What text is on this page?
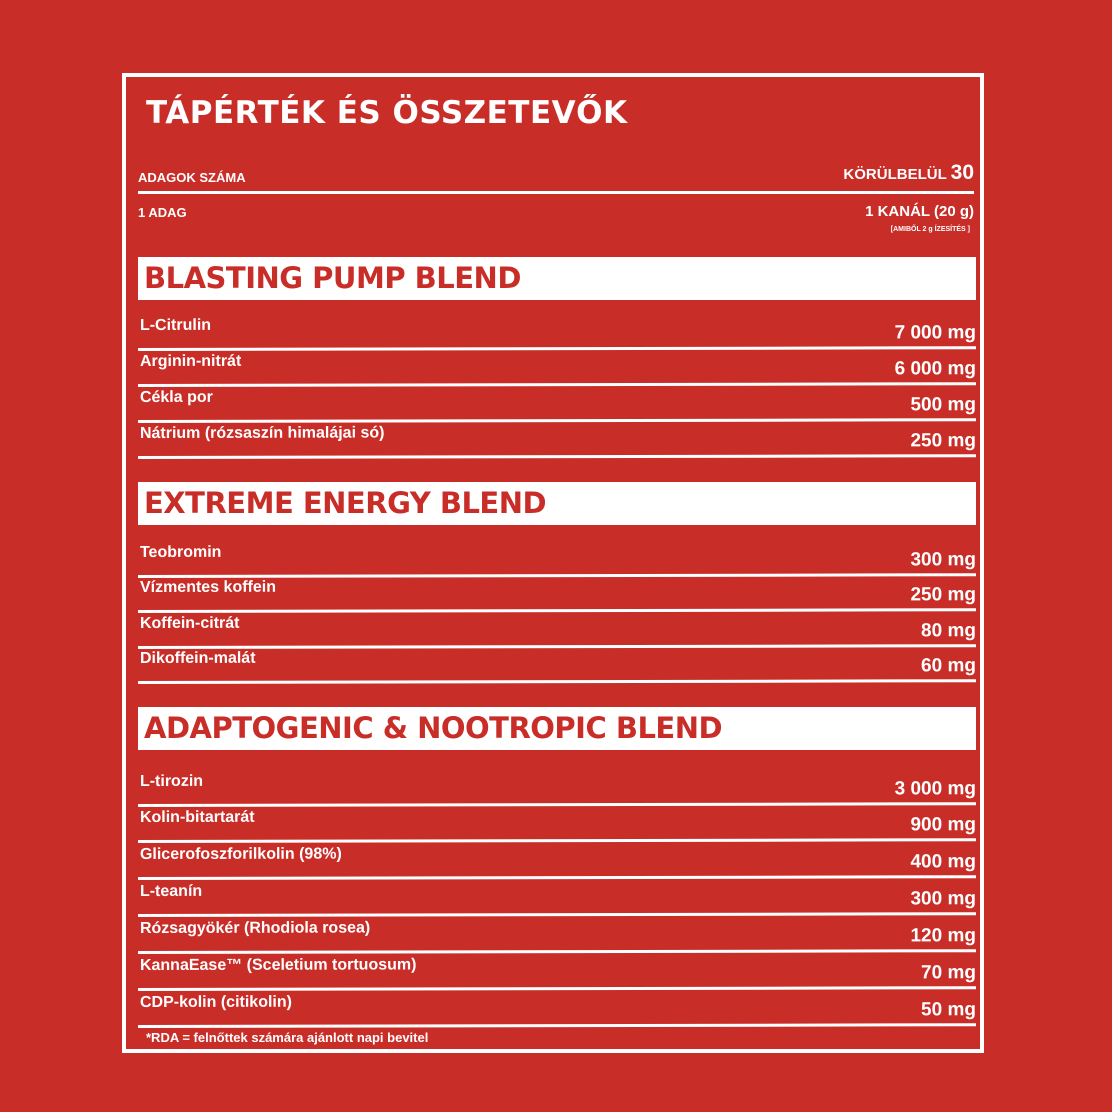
TÁPÉRTÉK ÉS ÖSSZETEVŐK
ADAGOK SZÁMA	KÖRÜLBELÜL 30
1 ADAG	1 KANÁL (20 g)
[AMIBŐL 2 g ÍZESÍTÉS ]
BLASTING PUMP BLEND
L-Citrulin	7 000 mg
Arginin-nitrát	6 000 mg
Cékla por	500 mg
Nátrium (rózsaszín himalájai só)	250 mg
EXTREME ENERGY BLEND
Teobromin	300 mg
Vízmentes koffein	250 mg
Koffein-citrát	80 mg
Dikoffein-malát	60 mg
ADAPTOGENIC & NOOTROPIC BLEND
L-tirozin	3 000 mg
Kolin-bitartarát	900 mg
Glicerofoszforilkolin (98%)	400 mg
L-teanín	300 mg
Rózsagyökér (Rhodiola rosea)	120 mg
KannaEase™ (Sceletium tortuosum)	70 mg
CDP-kolin (citikolin)	50 mg
*RDA = felnőttek számára ajánlott napi bevitel
